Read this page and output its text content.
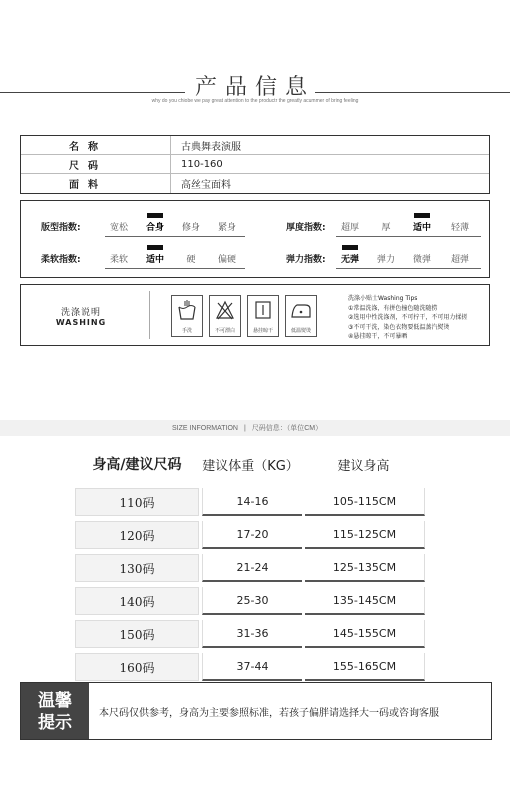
产品信息
why do you chiobe we pay great attention to the productr the greatly acummer of bring feeling
名称	古典舞表演服
尺码	110-160
面料	高丝宝面料
版型指数:	宽松 合身 修身 紧身	厚度指数: 超厚 厚 适中 轻薄
柔软指数:	柔软 适中 硬 偏硬	弹力指数: 无弹 弹力 微弹 超弹
洗涤说明
WASHING
手洗	不可漂白	悬挂晾干	低温熨烫
洗涤小贴士Washing Tips
①常温洗涤，有拼色撞色随洗随捞
②选用中性洗涤剂，不可拧干，不可用力揉搓
③不可干洗，染色衣物要低温蒸汽熨烫
④悬挂晾干，不可暴晒
SIZE INFORMATION | 尺码信息：（单位CM）
身高/建议尺码	建议体重（KG）	建议身高
110码	14-16	105-115CM
120码	17-20	115-125CM
130码	21-24	125-135CM
140码	25-30	135-145CM
150码	31-36	145-155CM
160码	37-44	155-165CM
温馨
提示	本尺码仅供参考，身高为主要参照标准，若孩子偏胖请选择大一码或咨询客服
